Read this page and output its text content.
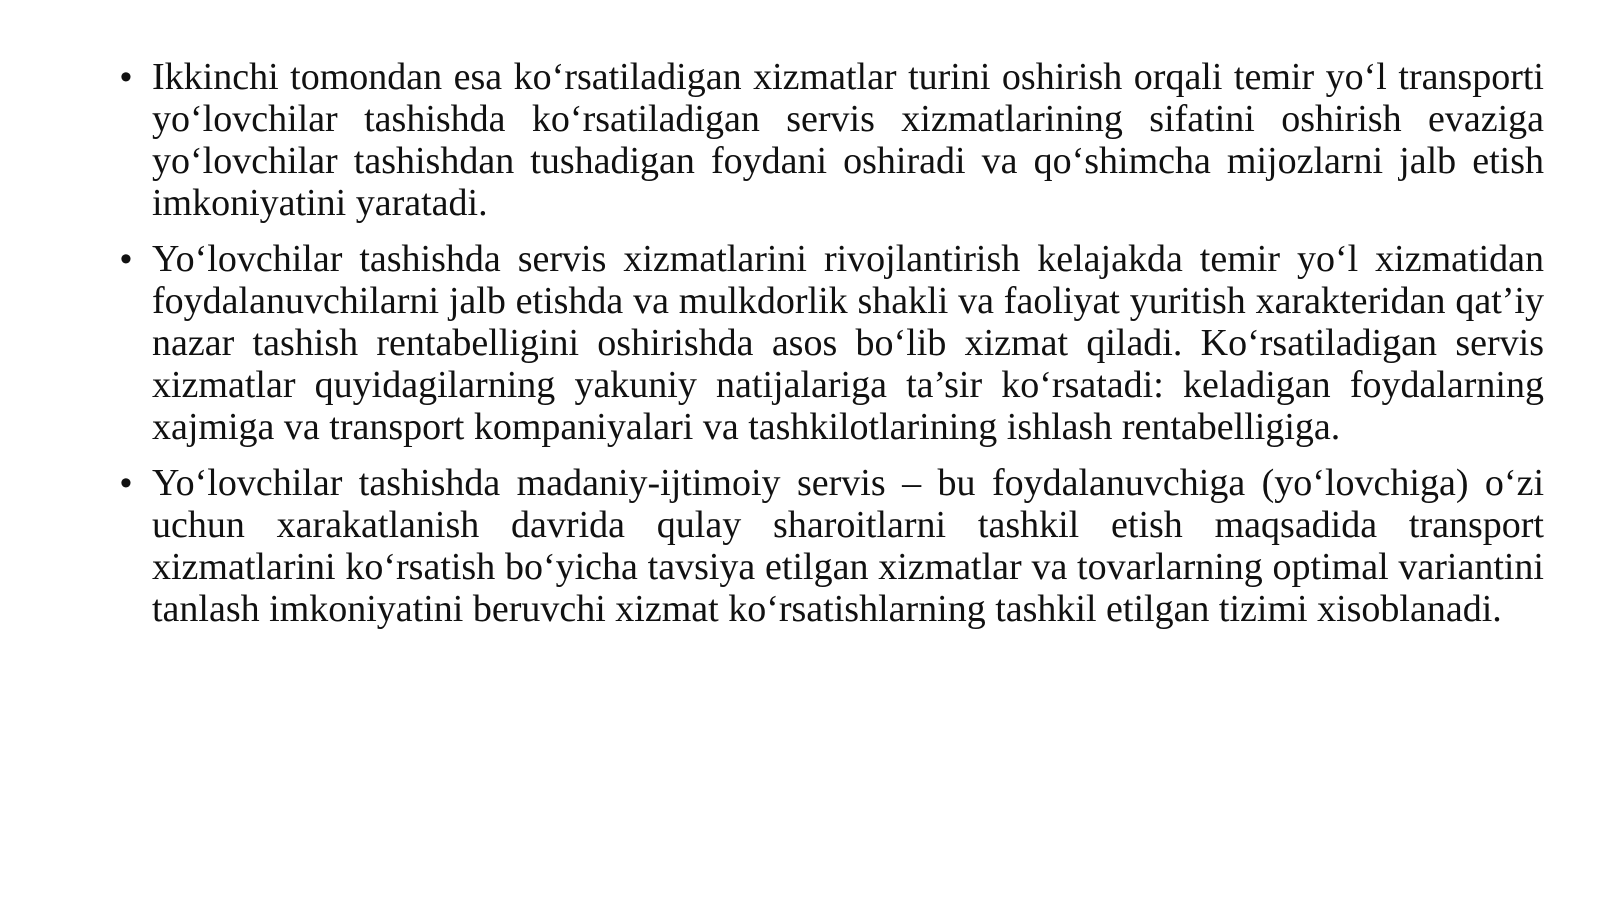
• Ikkinchi tomondan esa koʻrsatiladigan xizmatlar turini oshirish orqali temir yoʻl transporti yoʻlovchilar tashishda koʻrsatiladigan servis xizmatlarining sifatini oshirish evaziga yoʻlovchilar tashishdan tushadigan foydani oshiradi va qoʻshimcha mijozlarni jalb etish imkoniyatini yaratadi.
• Yoʻlovchilar tashishda servis xizmatlarini rivojlantirish kelajakda temir yoʻl xizmatidan foydalanuvchilarni jalb etishda va mulkdorlik shakli va faoliyat yuritish xarakteridan qat’iy nazar tashish rentabelligini oshirishda asos boʻlib xizmat qiladi. Koʻrsatiladigan servis xizmatlar quyidagilarning yakuniy natijalariga ta’sir koʻrsatadi: keladigan foydalarning xajmiga va transport kompaniyalari va tashkilotlarining ishlash rentabelligiga.
• Yoʻlovchilar tashishda madaniy-ijtimoiy servis – bu foydalanuvchiga (yoʻlovchiga) oʻzi uchun xarakatlanish davrida qulay sharoitlarni tashkil etish maqsadida transport xizmatlarini koʻrsatish boʻyicha tavsiya etilgan xizmatlar va tovarlarning optimal variantini tanlash imkoniyatini beruvchi xizmat koʻrsatishlarning tashkil etilgan tizimi xisoblanadi.
